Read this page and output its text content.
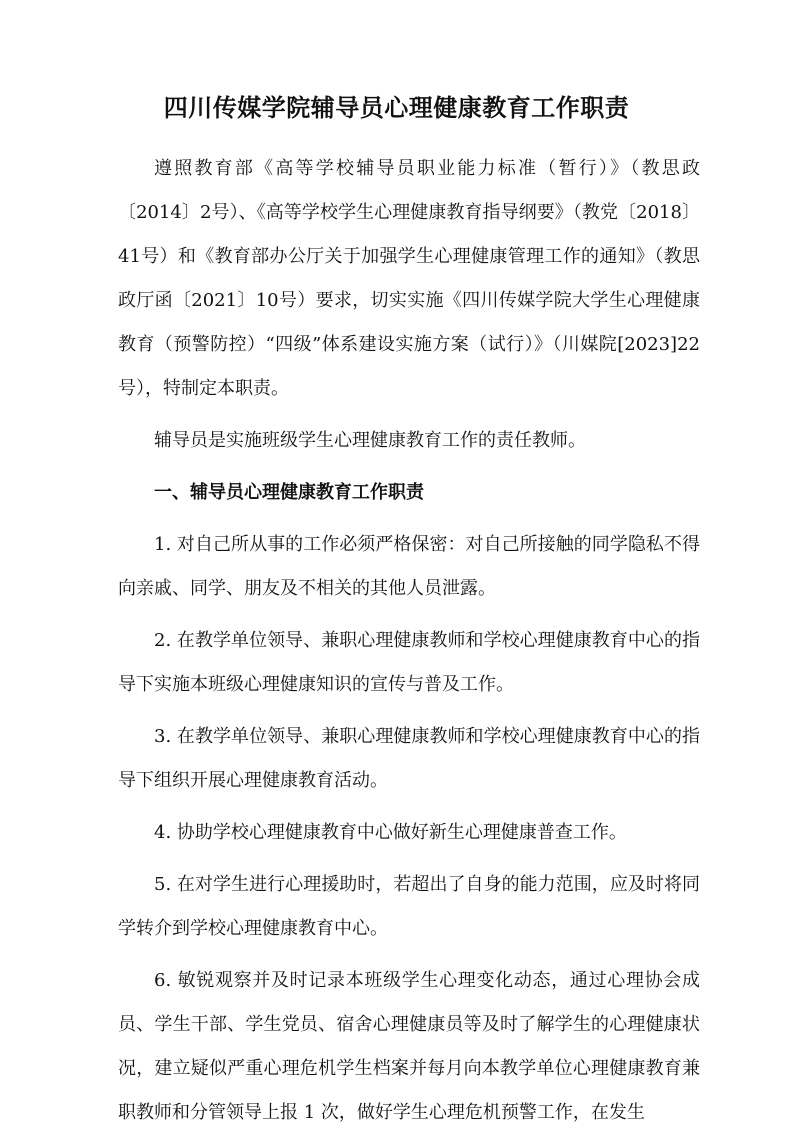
四川传媒学院辅导员心理健康教育工作职责

遵照教育部《高等学校辅导员职业能力标准（暂行）》（教思政〔2014〕2号）、《高等学校学生心理健康教育指导纲要》（教党〔2018〕41号）和《教育部办公厅关于加强学生心理健康管理工作的通知》（教思政厅函〔2021〕10号）要求，切实实施《四川传媒学院大学生心理健康教育（预警防控）“四级”体系建设实施方案（试行）》（川媒院[2023]22号），特制定本职责。

辅导员是实施班级学生心理健康教育工作的责任教师。

一、辅导员心理健康教育工作职责

1. 对自己所从事的工作必须严格保密：对自己所接触的同学隐私不得向亲戚、同学、朋友及不相关的其他人员泄露。

2. 在教学单位领导、兼职心理健康教师和学校心理健康教育中心的指导下实施本班级心理健康知识的宣传与普及工作。

3. 在教学单位领导、兼职心理健康教师和学校心理健康教育中心的指导下组织开展心理健康教育活动。

4. 协助学校心理健康教育中心做好新生心理健康普查工作。

5. 在对学生进行心理援助时，若超出了自身的能力范围，应及时将同学转介到学校心理健康教育中心。

6. 敏锐观察并及时记录本班级学生心理变化动态，通过心理协会成员、学生干部、学生党员、宿舍心理健康员等及时了解学生的心理健康状况，建立疑似严重心理危机学生档案并每月向本教学单位心理健康教育兼职教师和分管领导上报 1 次，做好学生心理危机预警工作，在发生
